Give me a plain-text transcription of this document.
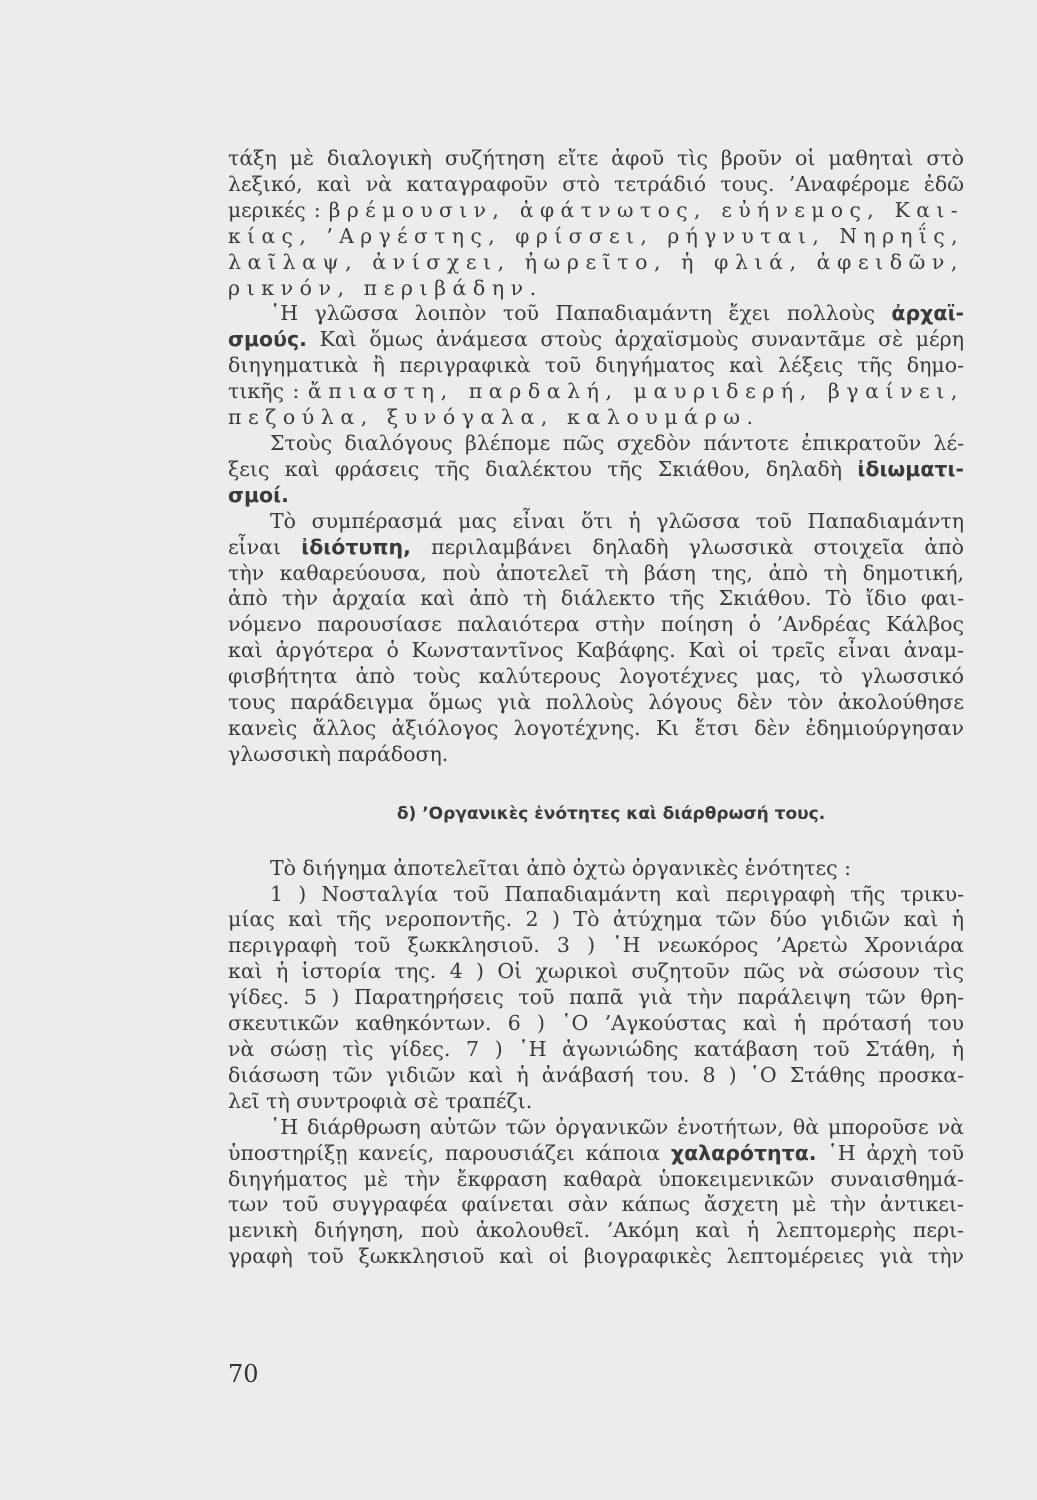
τάξη μὲ διαλογικὴ συζήτηση εἴτε ἀφοῦ τὶς βροῦν οἱ μαθηταὶ στὸ
λεξικό, καὶ νὰ καταγραφοῦν στὸ τετράδιό τους. ’Αναφέρομε ἐδῶ
μερικές : βρέμουσιν, ἀφάτνωτος, εὐήνεμος, Και-
κίας, ’Αργέστης, φρίσσει, ρήγνυται, Νηρηΐς,
λαῖλαψ, ἀνίσχει, ἠωρεῖτο, ἡ φλιά, ἀφειδῶν,
ρικνόν, περιβάδην.
῾Η γλῶσσα λοιπὸν τοῦ Παπαδιαμάντη ἔχει πολλοὺς ἀρχαϊ-
σμούς. Καὶ ὅμως ἀνάμεσα στοὺς ἀρχαϊσμοὺς συναντᾶμε σὲ μέρη
διηγηματικὰ ἢ περιγραφικὰ τοῦ διηγήματος καὶ λέξεις τῆς δημο-
τικῆς : ἄπιαστη, παρδαλή, μαυριδερή, βγαίνει,
πεζούλα, ξυνόγαλα, καλουμάρω.
Στοὺς διαλόγους βλέπομε πῶς σχεδὸν πάντοτε ἐπικρατοῦν λέ-
ξεις καὶ φράσεις τῆς διαλέκτου τῆς Σκιάθου, δηλαδὴ ἰδιωματι-
σμοί.
Τὸ συμπέρασμά μας εἶναι ὅτι ἡ γλῶσσα τοῦ Παπαδιαμάντη
εἶναι ἰδιότυπη, περιλαμβάνει δηλαδὴ γλωσσικὰ στοιχεῖα ἀπὸ
τὴν καθαρεύουσα, ποὺ ἀποτελεῖ τὴ βάση της, ἀπὸ τὴ δημοτική,
ἀπὸ τὴν ἀρχαία καὶ ἀπὸ τὴ διάλεκτο τῆς Σκιάθου. Τὸ ἴδιο φαι-
νόμενο παρουσίασε παλαιότερα στὴν ποίηση ὁ ’Ανδρέας Κάλβος
καὶ ἀργότερα ὁ Κωνσταντῖνος Καβάφης. Καὶ οἱ τρεῖς εἶναι ἀναμ-
φισβήτητα ἀπὸ τοὺς καλύτερους λογοτέχνες μας, τὸ γλωσσικό
τους παράδειγμα ὅμως γιὰ πολλοὺς λόγους δὲν τὸν ἀκολούθησε
κανεὶς ἄλλος ἀξιόλογος λογοτέχνης. Κι ἔτσι δὲν ἐδημιούργησαν
γλωσσικὴ παράδοση.
δ) ’Οργανικὲς ἑνότητες καὶ διάρθρωσή τους.
Τὸ διήγημα ἀποτελεῖται ἀπὸ ὀχτὼ ὀργανικὲς ἑνότητες :
1 ) Νοσταλγία τοῦ Παπαδιαμάντη καὶ περιγραφὴ τῆς τρικυ-
μίας καὶ τῆς νεροποντῆς. 2 ) Τὸ ἀτύχημα τῶν δύο γιδιῶν καὶ ἡ
περιγραφὴ τοῦ ξωκκλησιοῦ. 3 ) ῾Η νεωκόρος ’Αρετὼ Χρονιάρα
καὶ ἡ ἱστορία της. 4 ) Οἱ χωρικοὶ συζητοῦν πῶς νὰ σώσουν τὶς
γίδες. 5 ) Παρατηρήσεις τοῦ παπᾶ γιὰ τὴν παράλειψη τῶν θρη-
σκευτικῶν καθηκόντων. 6 ) ῾Ο ’Αγκούστας καὶ ἡ πρότασή του
νὰ σώσῃ τὶς γίδες. 7 ) ῾Η ἀγωνιώδης κατάβαση τοῦ Στάθη, ἡ
διάσωση τῶν γιδιῶν καὶ ἡ ἀνάβασή του. 8 ) ῾Ο Στάθης προσκα-
λεῖ τὴ συντροφιὰ σὲ τραπέζι.
῾Η διάρθρωση αὐτῶν τῶν ὀργανικῶν ἑνοτήτων, θὰ μποροῦσε νὰ
ὑποστηρίξῃ κανείς, παρουσιάζει κάποια χαλαρότητα. ῾Η ἀρχὴ τοῦ
διηγήματος μὲ τὴν ἔκφραση καθαρὰ ὑποκειμενικῶν συναισθημά-
των τοῦ συγγραφέα φαίνεται σὰν κάπως ἄσχετη μὲ τὴν ἀντικει-
μενικὴ διήγηση, ποὺ ἀκολουθεῖ. ’Ακόμη καὶ ἡ λεπτομερὴς περι-
γραφὴ τοῦ ξωκκλησιοῦ καὶ οἱ βιογραφικὲς λεπτομέρειες γιὰ τὴν
70
